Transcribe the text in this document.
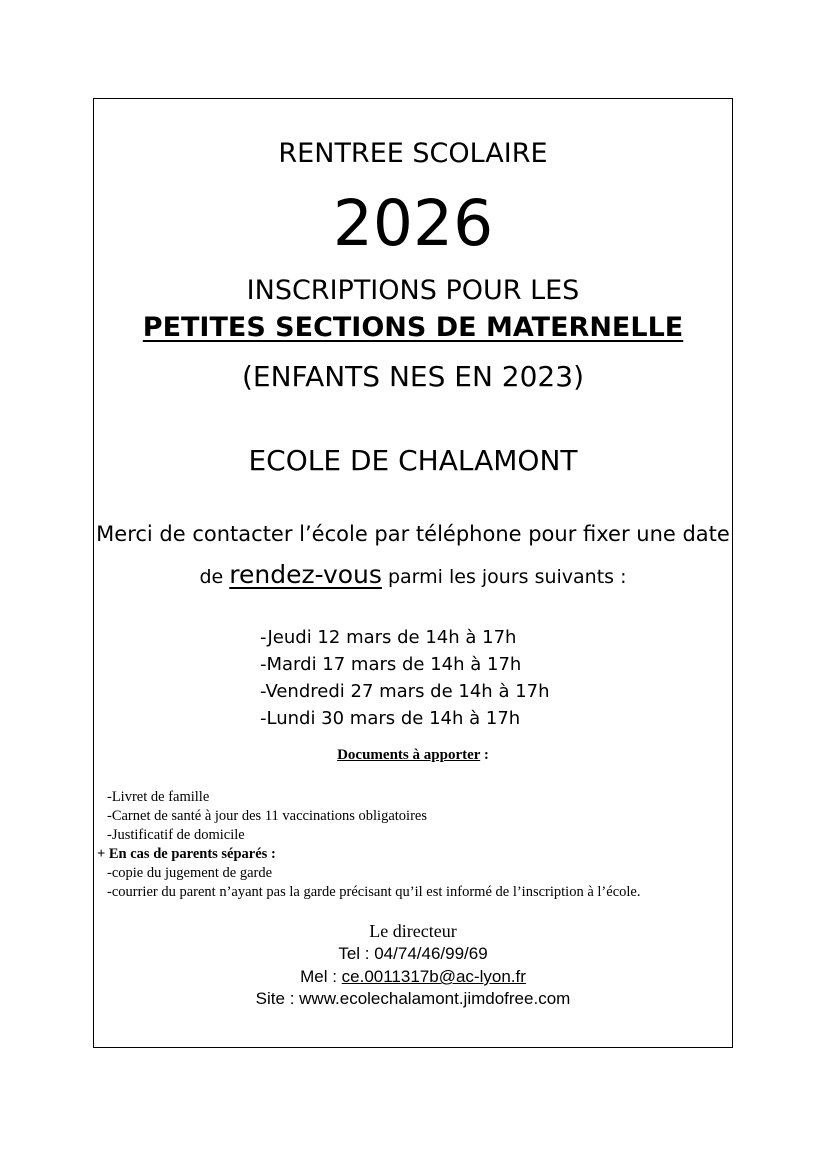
RENTREE SCOLAIRE
2026
INSCRIPTIONS POUR LES
PETITES SECTIONS DE MATERNELLE
(ENFANTS NES EN 2023)
ECOLE DE CHALAMONT
Merci de contacter l’école par téléphone pour fixer une date
de rendez-vous parmi les jours suivants :
-Jeudi 12 mars de 14h à 17h
-Mardi 17 mars de 14h à 17h
-Vendredi 27 mars de 14h à 17h
-Lundi 30 mars de 14h à 17h
Documents à apporter :
-Livret de famille
-Carnet de santé à jour des 11 vaccinations obligatoires
-Justificatif de domicile
+ En cas de parents séparés :
-copie du jugement de garde
-courrier du parent n’ayant pas la garde précisant qu’il est informé de l’inscription à l’école.
Le directeur
Tel : 04/74/46/99/69
Mel : ce.0011317b@ac-lyon.fr
Site : www.ecolechalamont.jimdofree.com
